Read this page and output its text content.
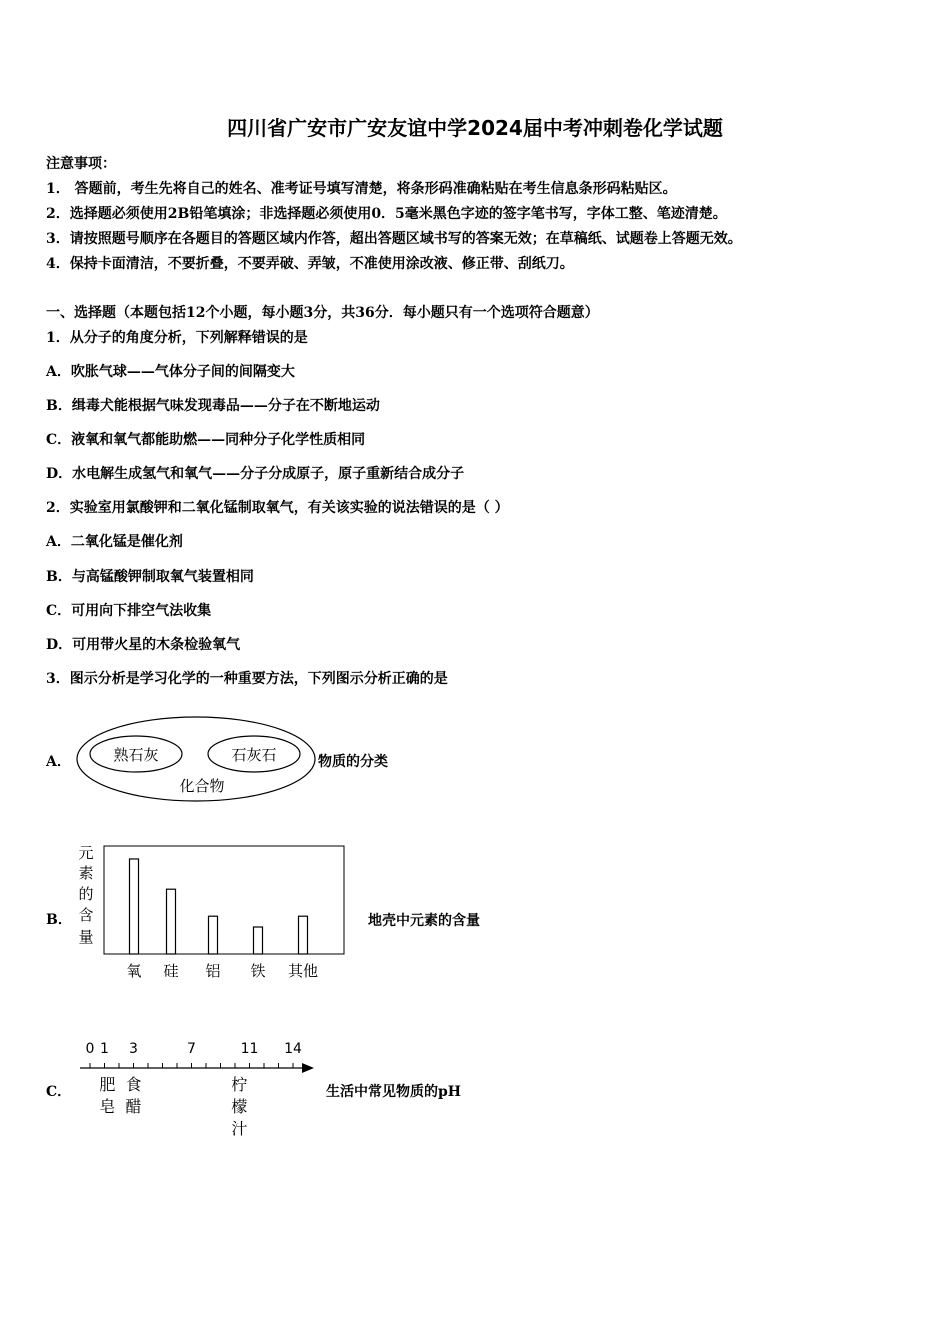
四川省广安市广安友谊中学2024届中考冲刺卷化学试题
注意事项：
1． 答题前，考生先将自己的姓名、准考证号填写清楚，将条形码准确粘贴在考生信息条形码粘贴区。
2．选择题必须使用2B铅笔填涂；非选择题必须使用0．5毫米黑色字迹的签字笔书写，字体工整、笔迹清楚。
3．请按照题号顺序在各题目的答题区域内作答，超出答题区域书写的答案无效；在草稿纸、试题卷上答题无效。
4．保持卡面清洁，不要折叠，不要弄破、弄皱，不准使用涂改液、修正带、刮纸刀。
一、选择题（本题包括12个小题，每小题3分，共36分．每小题只有一个选项符合题意）
1．从分子的角度分析，下列解释错误的是
A．吹胀气球——气体分子间的间隔变大
B．缉毒犬能根据气味发现毒品——分子在不断地运动
C．液氧和氧气都能助燃——同种分子化学性质相同
D．水电解生成氢气和氧气——分子分成原子，原子重新结合成分子
2．实验室用氯酸钾和二氧化锰制取氧气，有关该实验的说法错误的是（ ）
A．二氧化锰是催化剂
B．与高锰酸钾制取氧气装置相同
C．可用向下排空气法收集
D．可用带火星的木条检验氧气
3．图示分析是学习化学的一种重要方法，下列图示分析正确的是
A．	熟石灰	石灰石
化合物
物质的分类
B．
元
素
的
含
量
氧 硅 铝 铁 其他
地壳中元素的含量
C．
0 1 3	7	11 14
肥
皂
食
醋
柠
檬
汁
生活中常见物质的pH
